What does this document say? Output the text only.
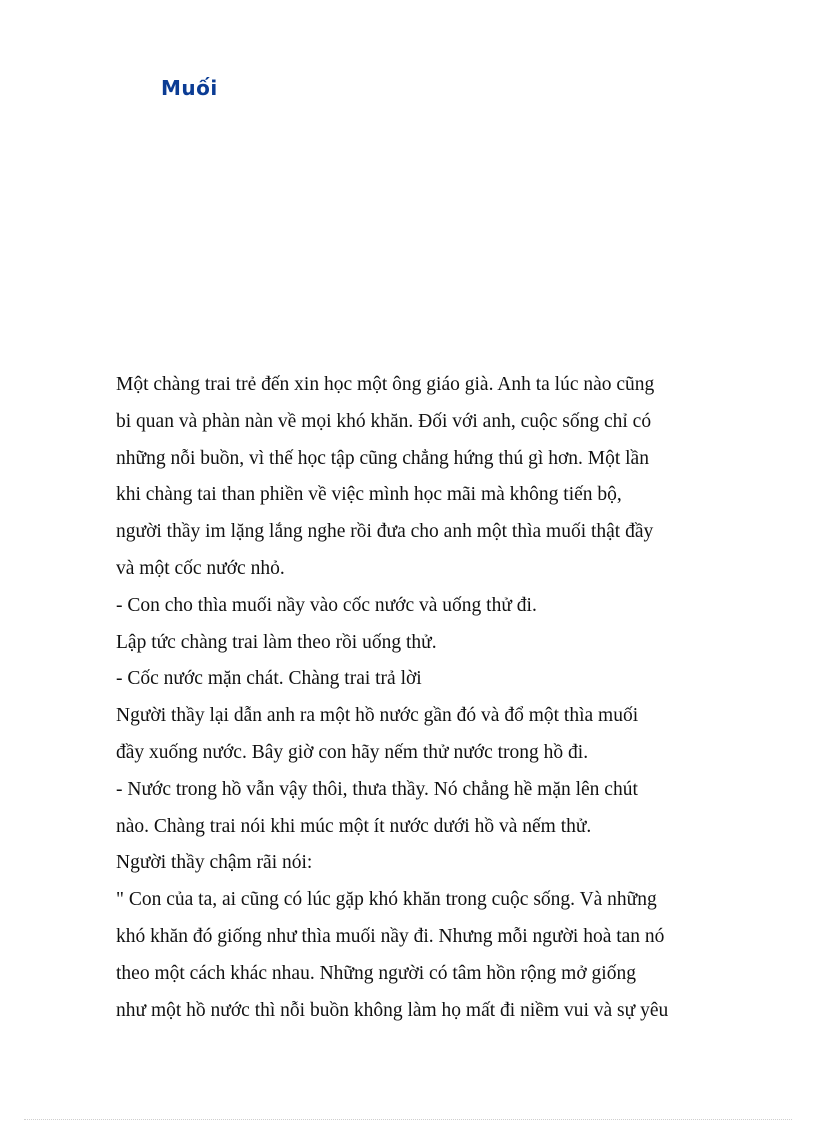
Muối
Một chàng trai trẻ đến xin học một ông giáo già. Anh ta lúc nào cũng
bi quan và phàn nàn về mọi khó khăn. Đối với anh, cuộc sống chỉ có
những nỗi buồn, vì thế học tập cũng chẳng hứng thú gì hơn. Một lần
khi chàng tai than phiền về việc mình học mãi mà không tiến bộ,
người thầy im lặng lắng nghe rồi đưa cho anh một thìa muối thật đầy
và một cốc nước nhỏ.
- Con cho thìa muối nầy vào cốc nước và uống thử đi.
Lập tức chàng trai làm theo rồi uống thử.
- Cốc nước mặn chát. Chàng trai trả lời
Người thầy lại dẫn anh ra một hồ nước gần đó và đổ một thìa muối
đầy xuống nước. Bây giờ con hãy nếm thử nước trong hồ đi.
- Nước trong hồ vẫn vậy thôi, thưa thầy. Nó chẳng hề mặn lên chút
nào. Chàng trai nói khi múc một ít nước dưới hồ và nếm thử.
Người thầy chậm rãi nói:
" Con của ta, ai cũng có lúc gặp khó khăn trong cuộc sống. Và những
khó khăn đó giống như thìa muối nầy đi. Nhưng mỗi người hoà tan nó
theo một cách khác nhau. Những người có tâm hồn rộng mở giống
như một hồ nước thì nỗi buồn không làm họ mất đi niềm vui và sự yêu
